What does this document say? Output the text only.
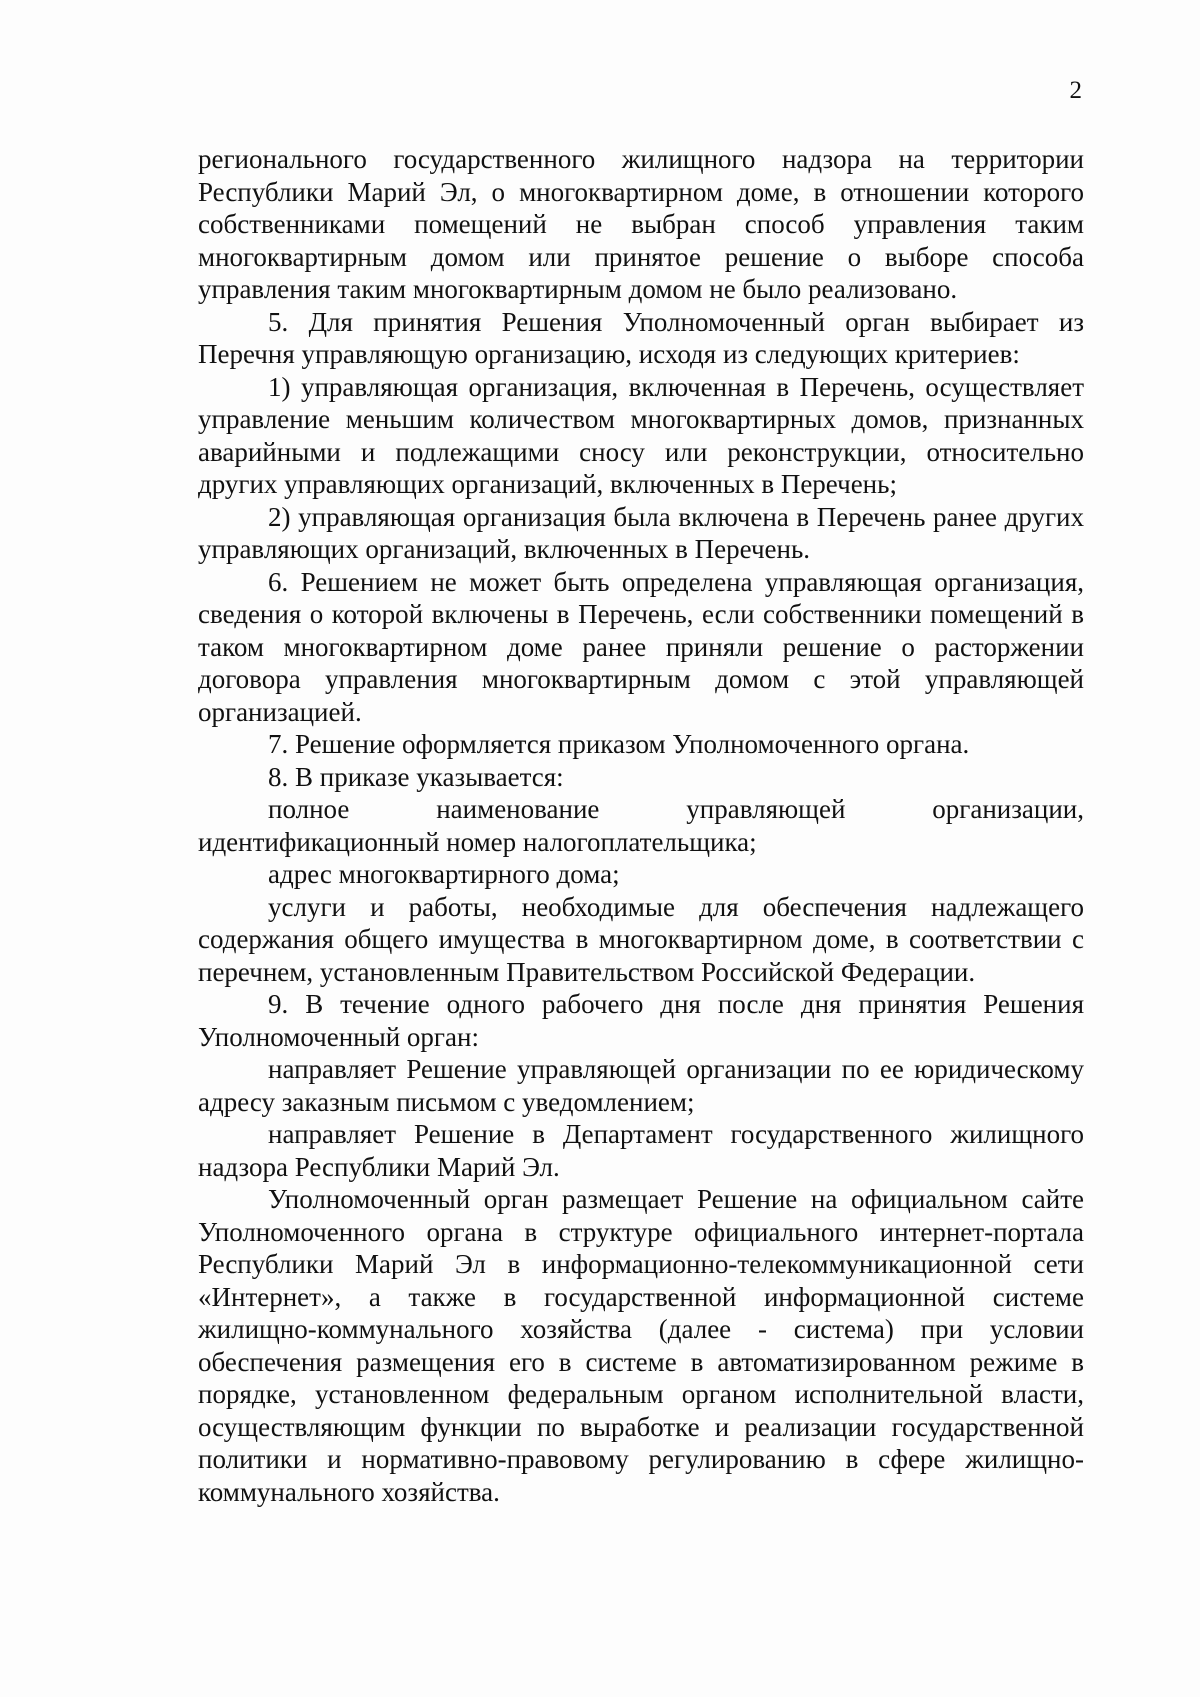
2

регионального государственного жилищного надзора на территории Республики Марий Эл, о многоквартирном доме, в отношении которого собственниками помещений не выбран способ управления таким многоквартирным домом или принятое решение о выборе способа управления таким многоквартирным домом не было реализовано.

5. Для принятия Решения Уполномоченный орган выбирает из Перечня управляющую организацию, исходя из следующих критериев:

1) управляющая организация, включенная в Перечень, осуществляет управление меньшим количеством многоквартирных домов, признанных аварийными и подлежащими сносу или реконструкции, относительно других управляющих организаций, включенных в Перечень;

2) управляющая организация была включена в Перечень ранее других управляющих организаций, включенных в Перечень.

6. Решением не может быть определена управляющая организация, сведения о которой включены в Перечень, если собственники помещений в таком многоквартирном доме ранее приняли решение о расторжении договора управления многоквартирным домом с этой управляющей организацией.

7. Решение оформляется приказом Уполномоченного органа.

8. В приказе указывается:

полное наименование управляющей организации, идентификационный номер налогоплательщика;

адрес многоквартирного дома;

услуги и работы, необходимые для обеспечения надлежащего содержания общего имущества в многоквартирном доме, в соответствии с перечнем, установленным Правительством Российской Федерации.

9. В течение одного рабочего дня после дня принятия Решения Уполномоченный орган:

направляет Решение управляющей организации по ее юридическому адресу заказным письмом с уведомлением;

направляет Решение в Департамент государственного жилищного надзора Республики Марий Эл.

Уполномоченный орган размещает Решение на официальном сайте Уполномоченного органа в структуре официального интернет-портала Республики Марий Эл в информационно-телекоммуникационной сети «Интернет», а также в государственной информационной системе жилищно-коммунального хозяйства (далее - система) при условии обеспечения размещения его в системе в автоматизированном режиме в порядке, установленном федеральным органом исполнительной власти, осуществляющим функции по выработке и реализации государственной политики и нормативно-правовому регулированию в сфере жилищно-коммунального хозяйства.
